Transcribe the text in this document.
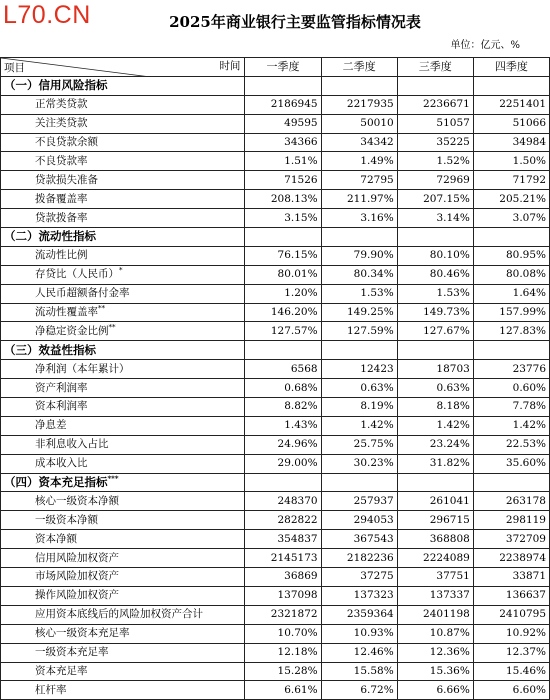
L70.CN	2025年商业银行主要监管指标情况表
单位：亿元、%
时间
项目	一季度	二季度	三季度	四季度
（一）信用风险指标				
正常类贷款	2186945	2217935	2236671	2251401
关注类贷款	49595	50010	51057	51066
不良贷款余额	34366	34342	35225	34984
不良贷款率	1.51%	1.49%	1.52%	1.50%
贷款损失准备	71526	72795	72969	71792
拨备覆盖率	208.13%	211.97%	207.15%	205.21%
贷款拨备率	3.15%	3.16%	3.14%	3.07%
（二）流动性指标				
流动性比例	76.15%	79.90%	80.10%	80.95%
存贷比（人民币）*	80.01%	80.34%	80.46%	80.08%
人民币超额备付金率	1.20%	1.53%	1.53%	1.64%
流动性覆盖率**	146.20%	149.25%	149.73%	157.99%
净稳定资金比例**	127.57%	127.59%	127.67%	127.83%
（三）效益性指标				
净利润（本年累计）	6568	12423	18703	23776
资产利润率	0.68%	0.63%	0.63%	0.60%
资本利润率	8.82%	8.19%	8.18%	7.78%
净息差	1.43%	1.42%	1.42%	1.42%
非利息收入占比	24.96%	25.75%	23.24%	22.53%
成本收入比	29.00%	30.23%	31.82%	35.60%
（四）资本充足指标***				
核心一级资本净额	248370	257937	261041	263178
一级资本净额	282822	294053	296715	298119
资本净额	354837	367543	368808	372709
信用风险加权资产	2145173	2182236	2224089	2238974
市场风险加权资产	36869	37275	37751	33871
操作风险加权资产	137098	137323	137337	136637
应用资本底线后的风险加权资产合计	2321872	2359364	2401198	2410795
核心一级资本充足率	10.70%	10.93%	10.87%	10.92%
一级资本充足率	12.18%	12.46%	12.36%	12.37%
资本充足率	15.28%	15.58%	15.36%	15.46%
杠杆率	6.61%	6.72%	6.66%	6.60%
